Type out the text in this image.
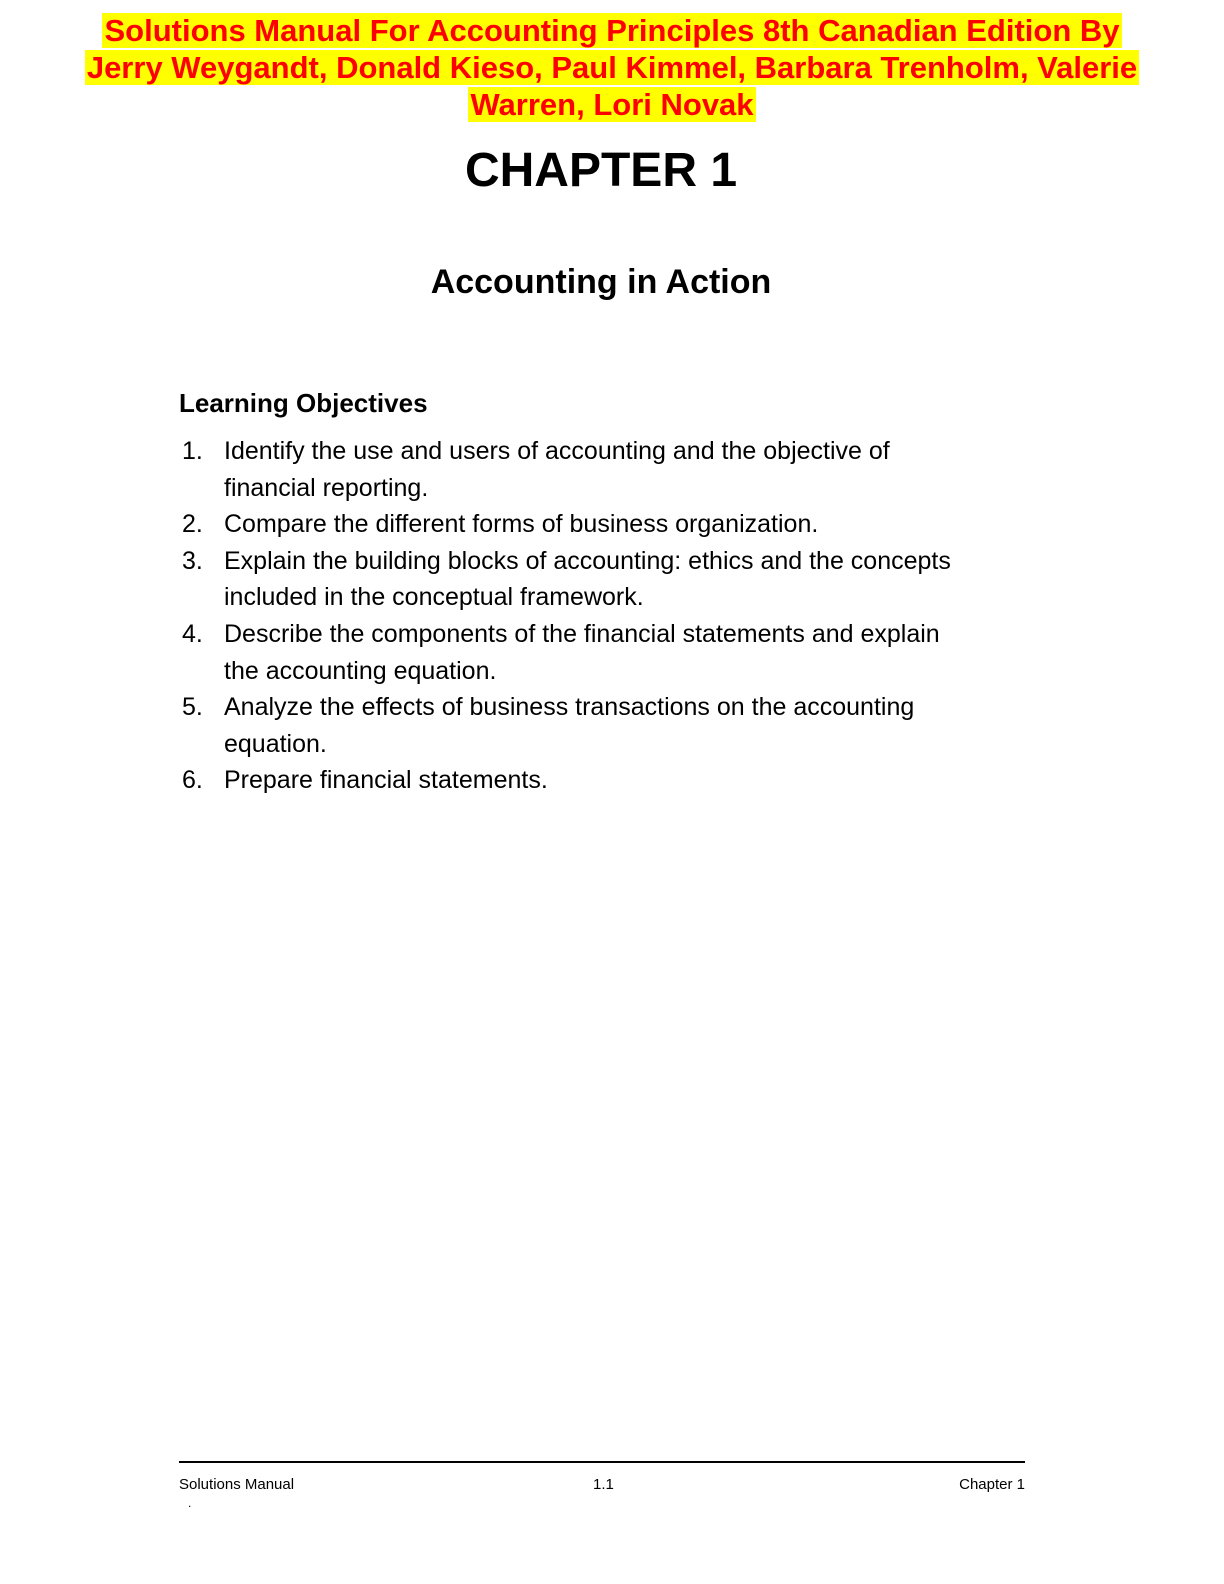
Solutions Manual For Accounting Principles 8th Canadian Edition By
Jerry Weygandt, Donald Kieso, Paul Kimmel, Barbara Trenholm, Valerie
Warren, Lori Novak
CHAPTER 1
Accounting in Action
Learning Objectives
1. Identify the use and users of accounting and the objective of financial reporting.
2. Compare the different forms of business organization.
3. Explain the building blocks of accounting: ethics and the concepts included in the conceptual framework.
4. Describe the components of the financial statements and explain the accounting equation.
5. Analyze the effects of business transactions on the accounting equation.
6. Prepare financial statements.
Solutions Manual	1.1	Chapter 1
.
